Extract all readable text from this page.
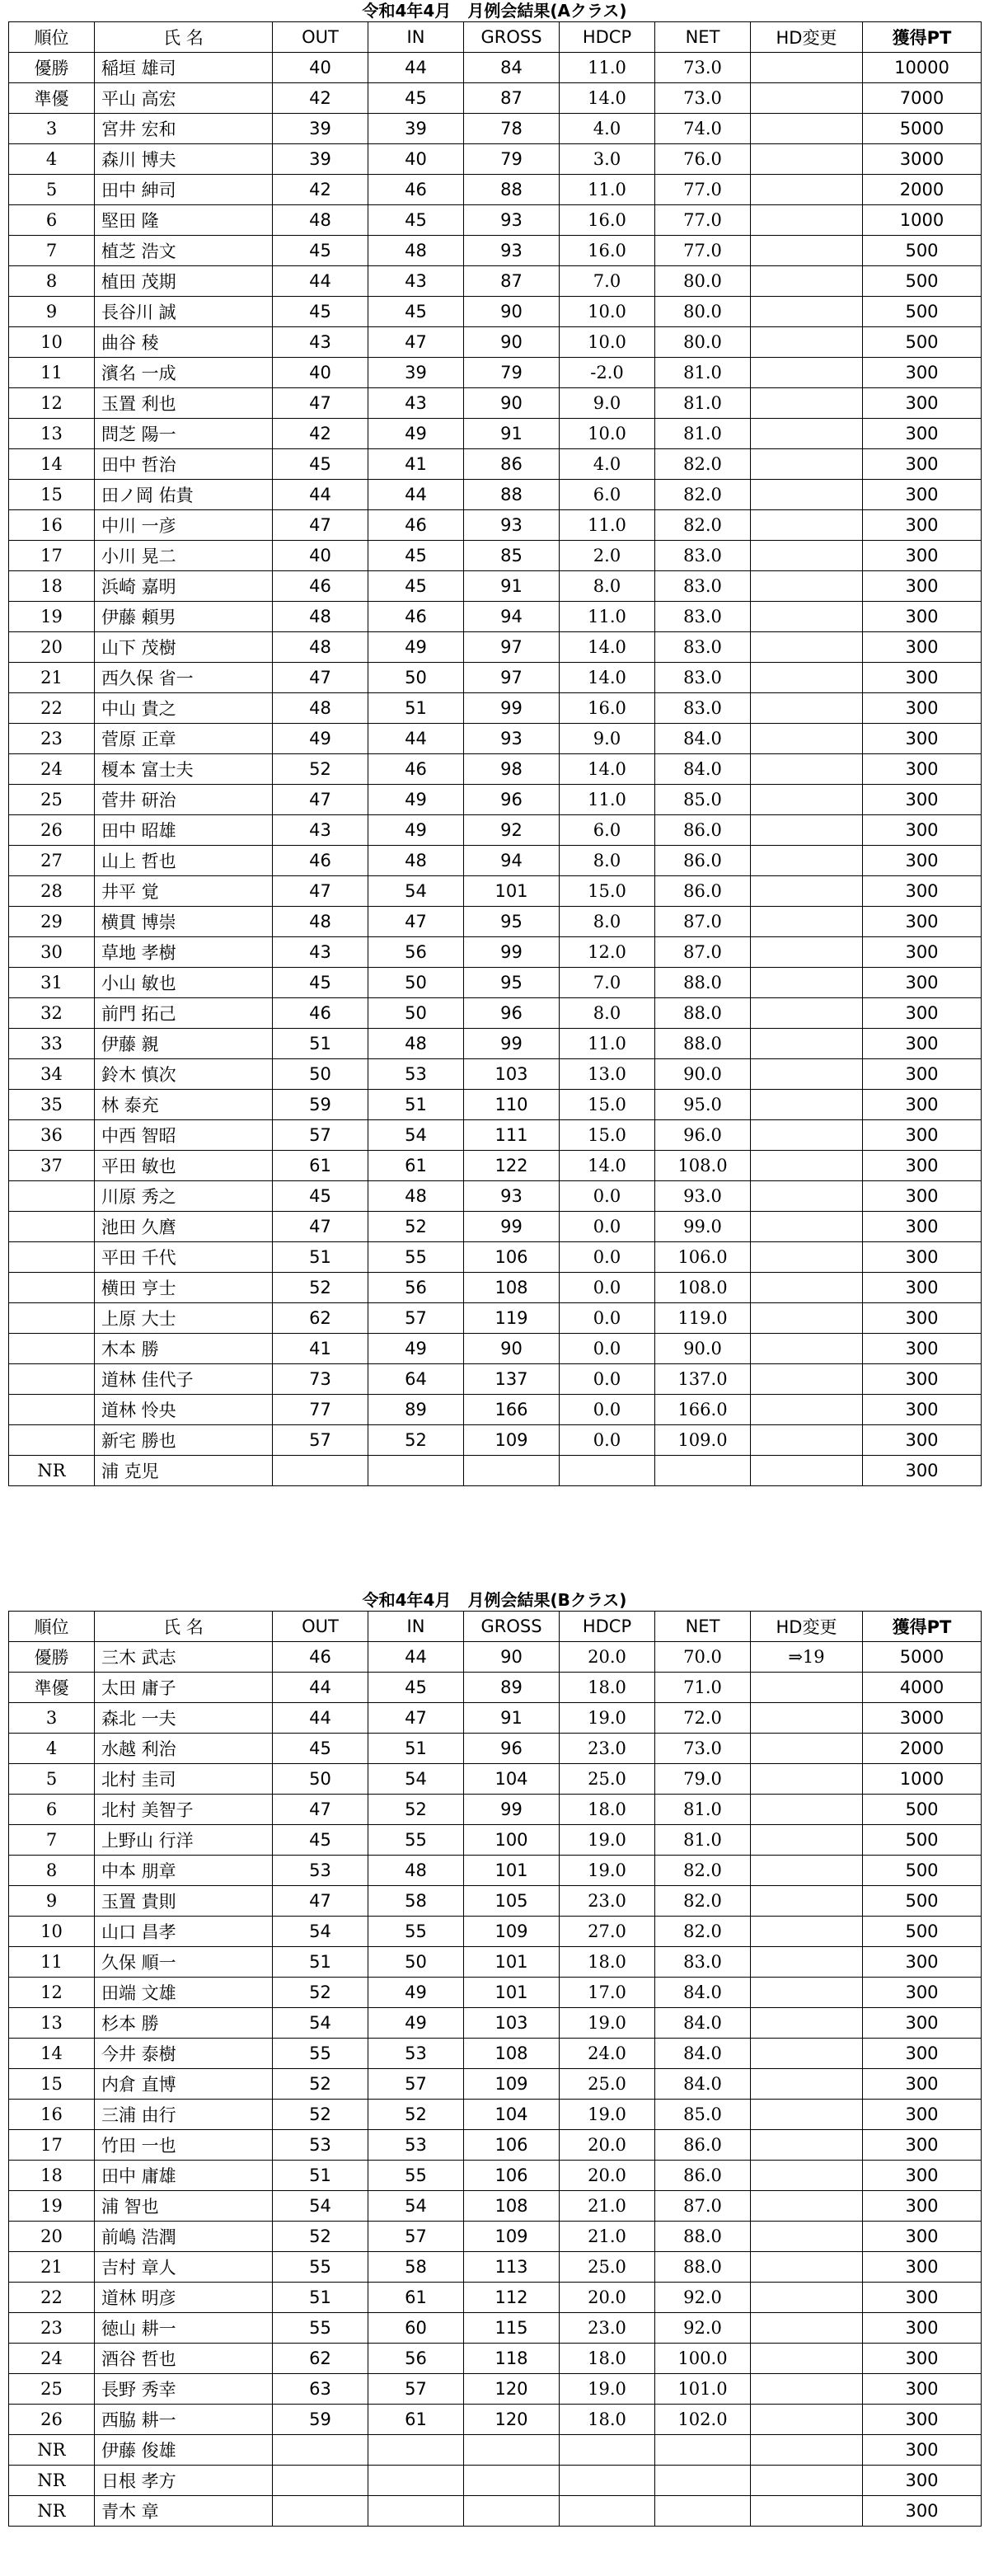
令和4年4月　月例会結果(Aクラス)
順位	氏 名	OUT	IN	GROSS	HDCP	NET	HD変更	獲得PT
優勝	稲垣 雄司	40	44	84	11.0	73.0		10000
準優	平山 高宏	42	45	87	14.0	73.0		7000
3	宮井 宏和	39	39	78	4.0	74.0		5000
4	森川 博夫	39	40	79	3.0	76.0		3000
5	田中 紳司	42	46	88	11.0	77.0		2000
6	堅田 隆	48	45	93	16.0	77.0		1000
7	植芝 浩文	45	48	93	16.0	77.0		500
8	植田 茂期	44	43	87	7.0	80.0		500
9	長谷川 誠	45	45	90	10.0	80.0		500
10	曲谷 稜	43	47	90	10.0	80.0		500
11	濱名 一成	40	39	79	-2.0	81.0		300
12	玉置 利也	47	43	90	9.0	81.0		300
13	問芝 陽一	42	49	91	10.0	81.0		300
14	田中 哲治	45	41	86	4.0	82.0		300
15	田ノ岡 佑貴	44	44	88	6.0	82.0		300
16	中川 一彦	47	46	93	11.0	82.0		300
17	小川 晃二	40	45	85	2.0	83.0		300
18	浜崎 嘉明	46	45	91	8.0	83.0		300
19	伊藤 頼男	48	46	94	11.0	83.0		300
20	山下 茂樹	48	49	97	14.0	83.0		300
21	西久保 省一	47	50	97	14.0	83.0		300
22	中山 貴之	48	51	99	16.0	83.0		300
23	菅原 正章	49	44	93	9.0	84.0		300
24	榎本 富士夫	52	46	98	14.0	84.0		300
25	菅井 研治	47	49	96	11.0	85.0		300
26	田中 昭雄	43	49	92	6.0	86.0		300
27	山上 哲也	46	48	94	8.0	86.0		300
28	井平 覚	47	54	101	15.0	86.0		300
29	横貫 博崇	48	47	95	8.0	87.0		300
30	草地 孝樹	43	56	99	12.0	87.0		300
31	小山 敏也	45	50	95	7.0	88.0		300
32	前門 拓己	46	50	96	8.0	88.0		300
33	伊藤 親	51	48	99	11.0	88.0		300
34	鈴木 慎次	50	53	103	13.0	90.0		300
35	林 泰充	59	51	110	15.0	95.0		300
36	中西 智昭	57	54	111	15.0	96.0		300
37	平田 敏也	61	61	122	14.0	108.0		300
	川原 秀之	45	48	93	0.0	93.0		300
	池田 久麿	47	52	99	0.0	99.0		300
	平田 千代	51	55	106	0.0	106.0		300
	横田 亨士	52	56	108	0.0	108.0		300
	上原 大士	62	57	119	0.0	119.0		300
	木本 勝	41	49	90	0.0	90.0		300
	道林 佳代子	73	64	137	0.0	137.0		300
	道林 怜央	77	89	166	0.0	166.0		300
	新宅 勝也	57	52	109	0.0	109.0		300
NR	浦 克児							300
令和4年4月　月例会結果(Bクラス)
順位	氏 名	OUT	IN	GROSS	HDCP	NET	HD変更	獲得PT
優勝	三木 武志	46	44	90	20.0	70.0	⇒19	5000
準優	太田 庸子	44	45	89	18.0	71.0		4000
3	森北 一夫	44	47	91	19.0	72.0		3000
4	水越 利治	45	51	96	23.0	73.0		2000
5	北村 圭司	50	54	104	25.0	79.0		1000
6	北村 美智子	47	52	99	18.0	81.0		500
7	上野山 行洋	45	55	100	19.0	81.0		500
8	中本 朋章	53	48	101	19.0	82.0		500
9	玉置 貴則	47	58	105	23.0	82.0		500
10	山口 昌孝	54	55	109	27.0	82.0		500
11	久保 順一	51	50	101	18.0	83.0		300
12	田端 文雄	52	49	101	17.0	84.0		300
13	杉本 勝	54	49	103	19.0	84.0		300
14	今井 泰樹	55	53	108	24.0	84.0		300
15	内倉 直博	52	57	109	25.0	84.0		300
16	三浦 由行	52	52	104	19.0	85.0		300
17	竹田 一也	53	53	106	20.0	86.0		300
18	田中 庸雄	51	55	106	20.0	86.0		300
19	浦 智也	54	54	108	21.0	87.0		300
20	前嶋 浩潤	52	57	109	21.0	88.0		300
21	吉村 章人	55	58	113	25.0	88.0		300
22	道林 明彦	51	61	112	20.0	92.0		300
23	徳山 耕一	55	60	115	23.0	92.0		300
24	酒谷 哲也	62	56	118	18.0	100.0		300
25	長野 秀幸	63	57	120	19.0	101.0		300
26	西脇 耕一	59	61	120	18.0	102.0		300
NR	伊藤 俊雄							300
NR	日根 孝方							300
NR	青木 章							300
